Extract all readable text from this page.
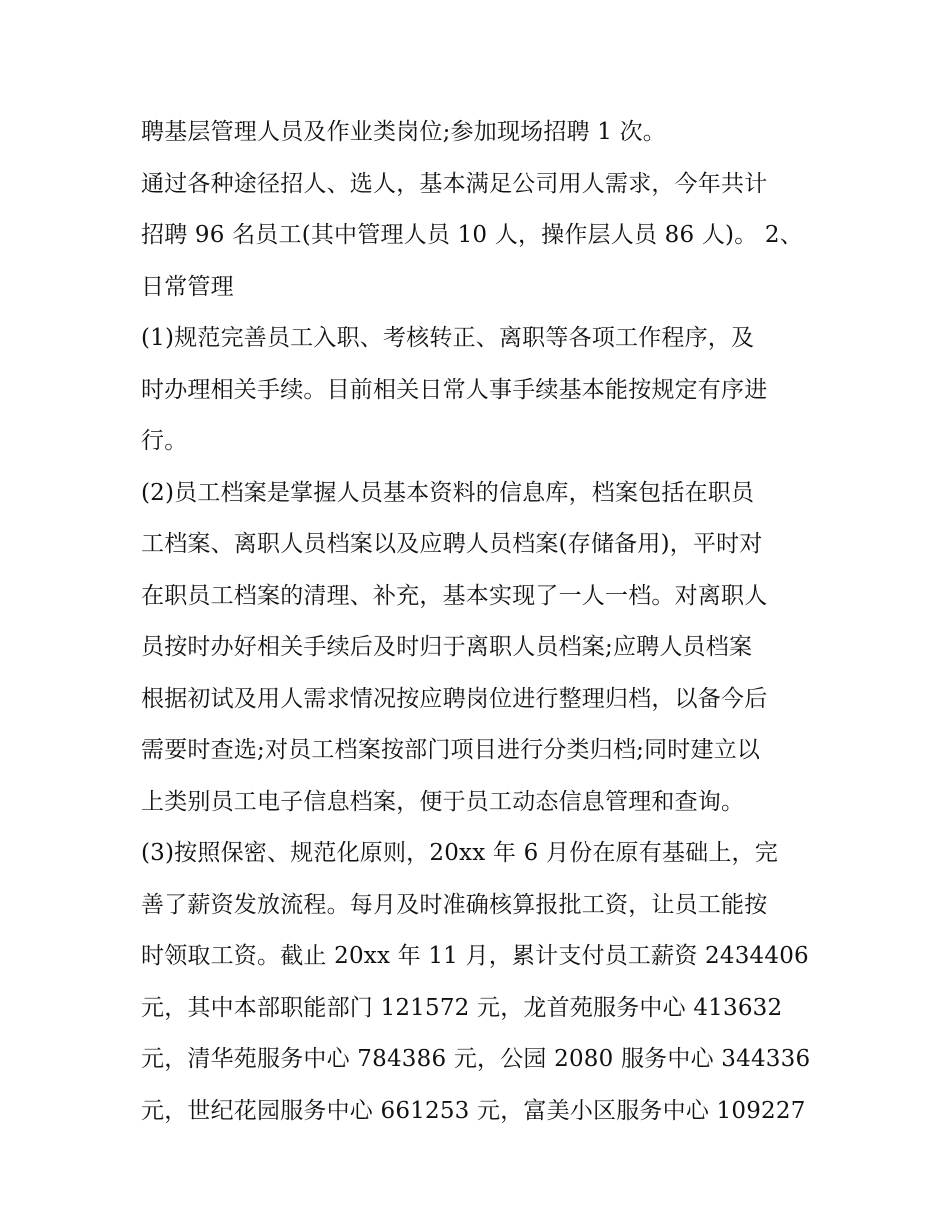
聘基层管理人员及作业类岗位;参加现场招聘 1 次。
通过各种途径招人、选人，基本满足公司用人需求，今年共计
招聘 96 名员工(其中管理人员 10 人，操作层人员 86 人)。 2、
日常管理
(1)规范完善员工入职、考核转正、离职等各项工作程序，及
时办理相关手续。目前相关日常人事手续基本能按规定有序进
行。
(2)员工档案是掌握人员基本资料的信息库，档案包括在职员
工档案、离职人员档案以及应聘人员档案(存储备用)，平时对
在职员工档案的清理、补充，基本实现了一人一档。对离职人
员按时办好相关手续后及时归于离职人员档案;应聘人员档案
根据初试及用人需求情况按应聘岗位进行整理归档，以备今后
需要时查选;对员工档案按部门项目进行分类归档;同时建立以
上类别员工电子信息档案，便于员工动态信息管理和查询。
(3)按照保密、规范化原则，20xx 年 6 月份在原有基础上，完
善了薪资发放流程。每月及时准确核算报批工资，让员工能按
时领取工资。截止 20xx 年 11 月，累计支付员工薪资 2434406
元，其中本部职能部门 121572 元，龙首苑服务中心 413632
元，清华苑服务中心 784386 元，公园 2080 服务中心 344336
元，世纪花园服务中心 661253 元，富美小区服务中心 109227
